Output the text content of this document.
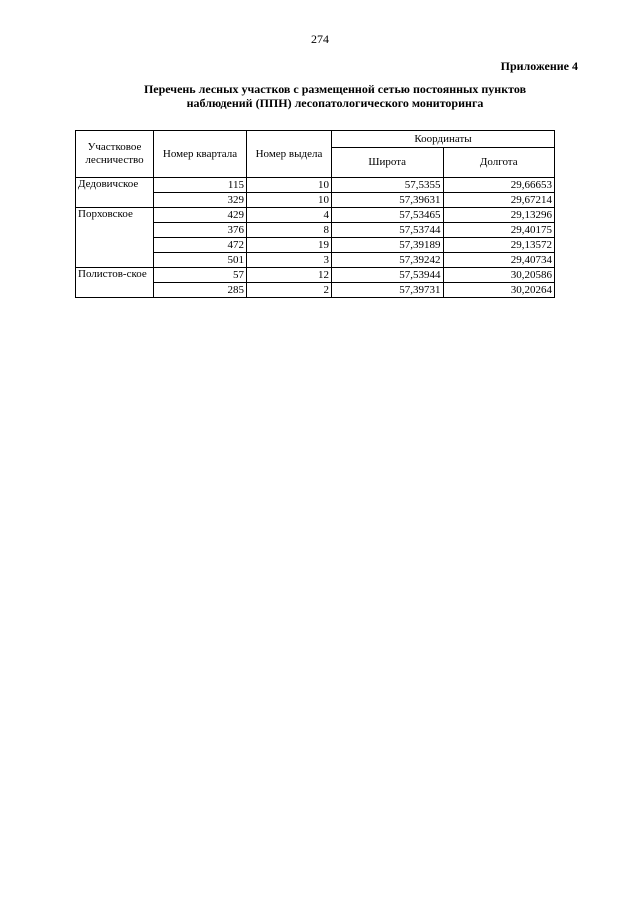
274
Приложение 4
Перечень лесных участков с размещенной сетью постоянных пунктов
наблюдений (ППН) лесопатологического мониторинга
Участковое лесничество	Номер квартала	Номер выдела	Координаты	
			Широта	Долгота
Дедовичское	115	10	57,5355	29,66653
	329	10	57,39631	29,67214
Порховское	429	4	57,53465	29,13296
	376	8	57,53744	29,40175
	472	19	57,39189	29,13572
	501	3	57,39242	29,40734
Полистов-ское	57	12	57,53944	30,20586
	285	2	57,39731	30,20264
